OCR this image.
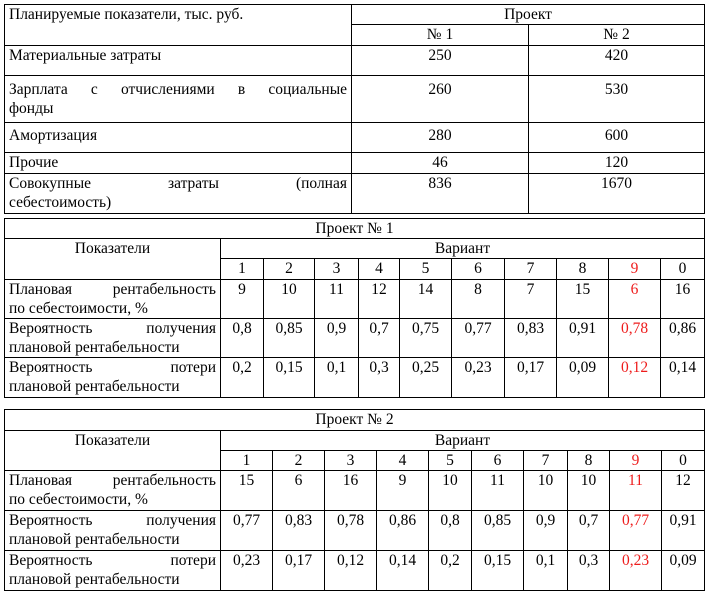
Планируемые показатели, тыс. руб.	Проект	
	№ 1	№ 2
Материальные затраты	250	420

Зарплата с отчислениями в социальные
фонды	260	530
Амортизация	280	600
Прочие	46	120

Совокупные затраты (полная
себестоимость)	836	1670
Проект № 1										
Показатели	Вариант									
	1	2	3	4	5	6	7	8	9	0

Плановая рентабельность
по себестоимости, %	9	10	11	12	14	8	7	15	6	16

Вероятность получения
плановой рентабельности	0,8	0,85	0,9	0,7	0,75	0,77	0,83	0,91	0,78	0,86

Вероятность потери
плановой рентабельности	0,2	0,15	0,1	0,3	0,25	0,23	0,17	0,09	0,12	0,14
Проект № 2										
Показатели	Вариант									
	1	2	3	4	5	6	7	8	9	0

Плановая рентабельность
по себестоимости, %	15	6	16	9	10	11	10	10	11	12

Вероятность получения
плановой рентабельности	0,77	0,83	0,78	0,86	0,8	0,85	0,9	0,7	0,77	0,91

Вероятность потери
плановой рентабельности	0,23	0,17	0,12	0,14	0,2	0,15	0,1	0,3	0,23	0,09
